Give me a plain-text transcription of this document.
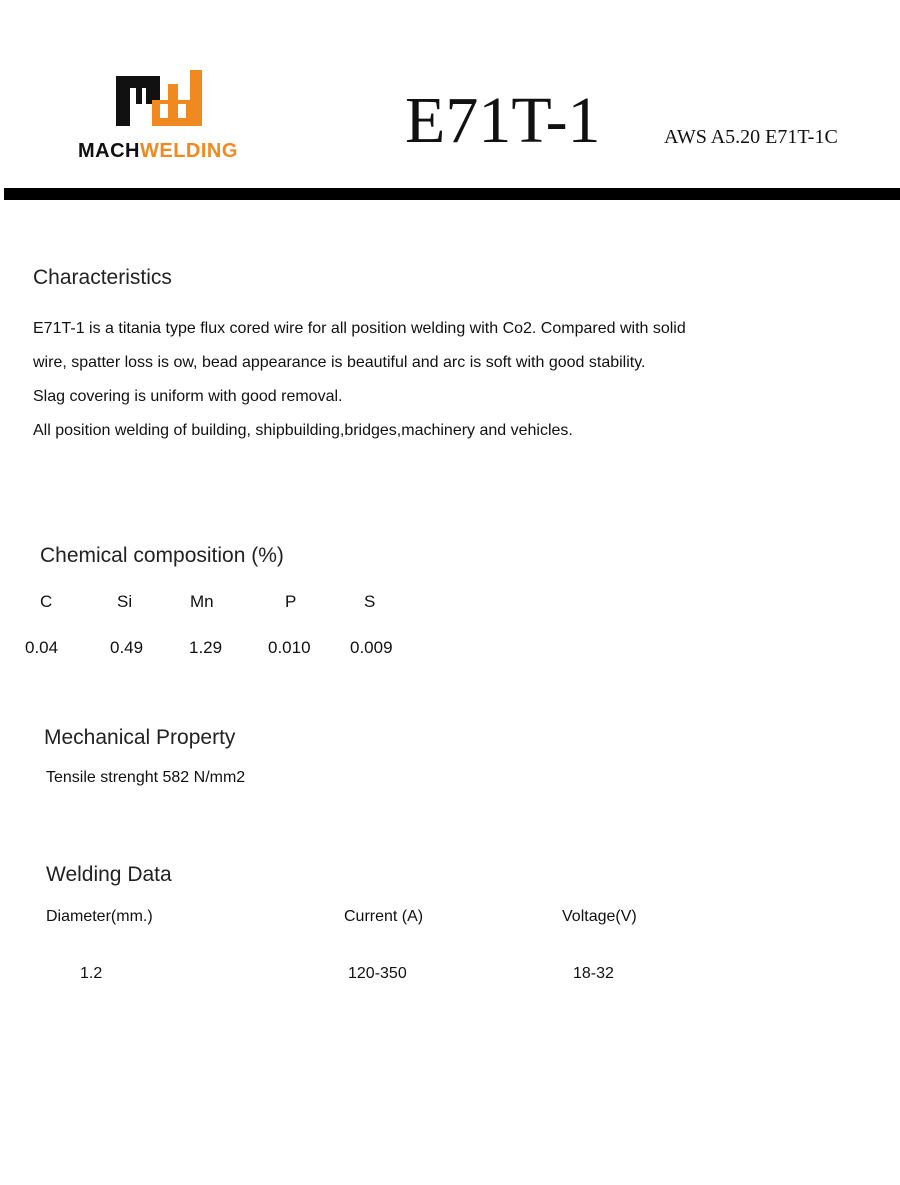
MACHWELDING	E71T-1	AWS A5.20 E71T-1C
Characteristics
E71T-1 is a titania type flux cored wire for all position welding with Co2. Compared with solid
wire, spatter loss is ow, bead appearance is beautiful and arc is soft with good stability.
Slag covering is uniform with good removal.
All position welding of building, shipbuilding,bridges,machinery and vehicles.
Chemical composition (%)
C	Si	Mn	P	S
0.04	0.49	1.29	0.010 0.009
Mechanical Property
Tensile strenght 582 N/mm2
Welding Data
Diameter(mm.)	Current (A)	Voltage(V)
1.2	120-350	18-32
